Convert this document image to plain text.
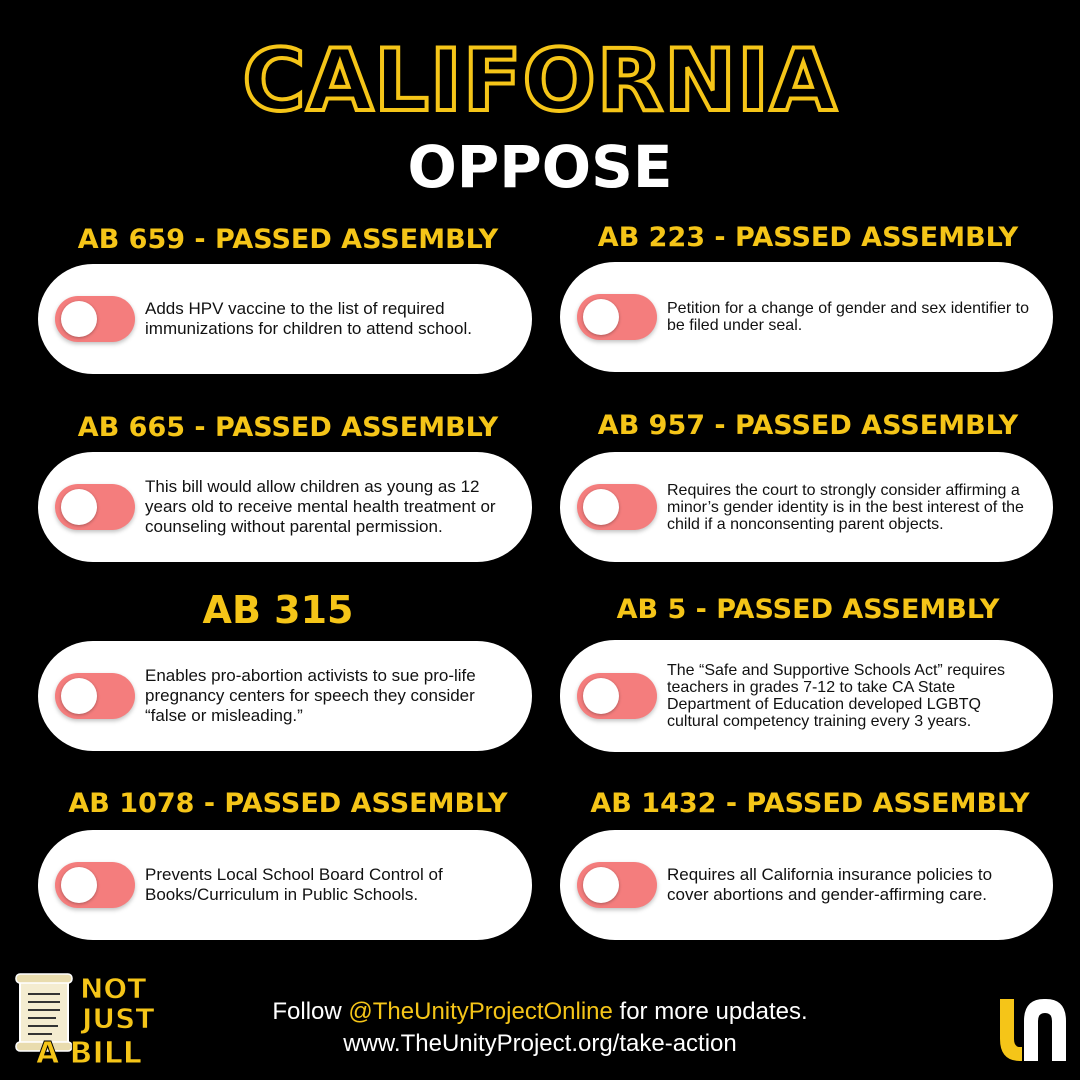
CALIFORNIA
OPPOSE
AB 659 - PASSED ASSEMBLY
Adds HPV vaccine to the list of required immunizations for children to attend school.
AB 223 - PASSED ASSEMBLY
Petition for a change of gender and sex identifier to be filed under seal.
AB 665 - PASSED ASSEMBLY
This bill would allow children as young as 12 years old to receive mental health treatment or counseling without parental permission.
AB 957 - PASSED ASSEMBLY
Requires the court to strongly consider affirming a minor’s gender identity is in the best interest of the child if a nonconsenting parent objects.
AB 315
Enables pro-abortion activists to sue pro-life pregnancy centers for speech they consider “false or misleading.”
AB 5 - PASSED ASSEMBLY
The “Safe and Supportive Schools Act” requires teachers in grades 7-12 to take CA State Department of Education developed LGBTQ cultural competency training every 3 years.
AB 1078 - PASSED ASSEMBLY
Prevents Local School Board Control of Books/Curriculum in Public Schools.
AB 1432 - PASSED ASSEMBLY
Requires all California insurance policies to cover abortions and gender-affirming care.
NOT
JUST
A BILL
Follow @TheUnityProjectOnline for more updates.
www.TheUnityProject.org/take-action
